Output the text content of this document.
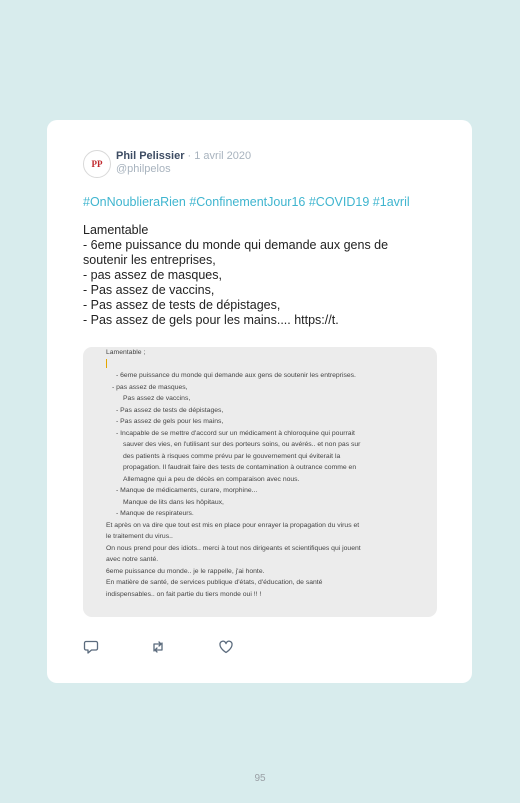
PP
Phil Pelissier · 1 avril 2020
@philpelos
#OnNoublieraRien #ConfinementJour16 #COVID19 #1avril
Lamentable
- 6eme puissance du monde qui demande aux gens de
soutenir les entreprises,
- pas assez de masques,
- Pas assez de vaccins,
- Pas assez de tests de dépistages,
- Pas assez de gels pour les mains.... https://t.
Lamentable ;
- 6eme puissance du monde qui demande aux gens de soutenir les entreprises.
- pas assez de masques,
Pas assez de vaccins,
- Pas assez de tests de dépistages,
- Pas assez de gels pour les mains,
- Incapable de se mettre d'accord sur un médicament à chloroquine qui pourrait
sauver des vies, en l'utilisant sur des porteurs soins, ou avérés.. et non pas sur
des patients à risques comme prévu par le gouvernement qui éviterait la
propagation. Il faudrait faire des tests de contamination à outrance comme en
Allemagne qui a peu de décès en comparaison avec nous.
- Manque de médicaments, curare, morphine...
Manque de lits dans les hôpitaux,
- Manque de respirateurs.
Et après on va dire que tout est mis en place pour enrayer la propagation du virus et
le traitement du virus..
On nous prend pour des idiots.. merci à tout nos dirigeants et scientifiques qui jouent
avec notre santé.
6eme puissance du monde.. je le rappelle, j'ai honte.
En matière de santé, de services publique d'états, d'éducation, de santé
indispensables.. on fait partie du tiers monde oui !! !
95
